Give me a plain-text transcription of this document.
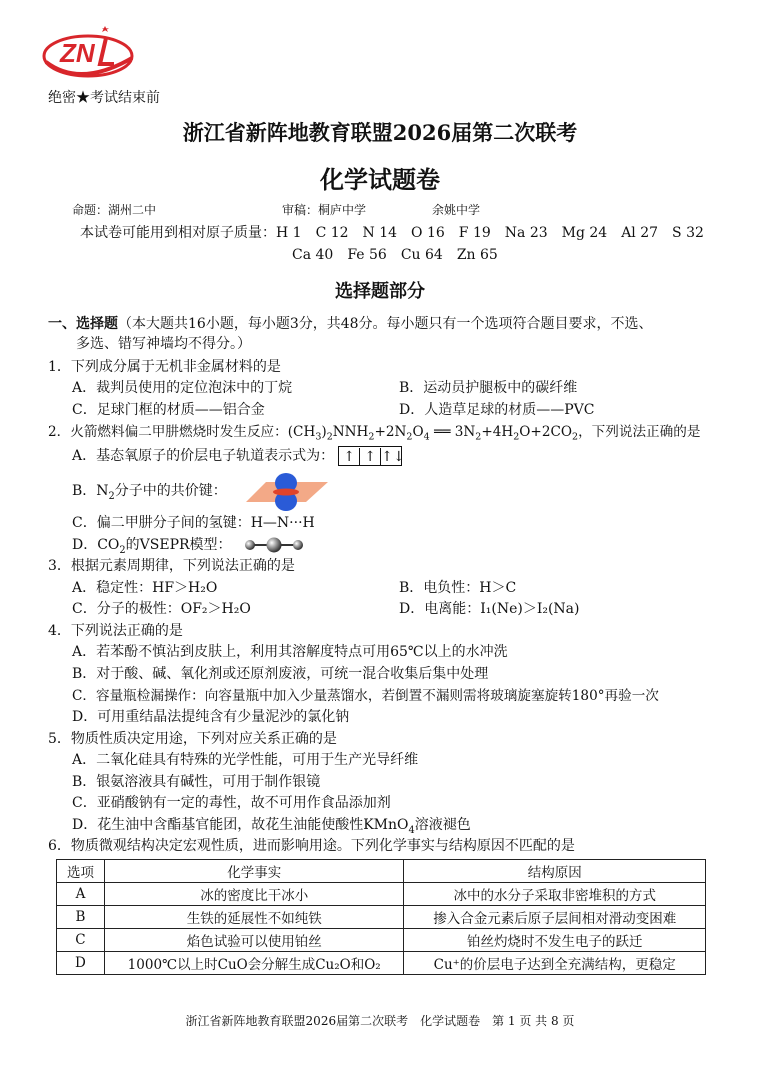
ZN
绝密★考试结束前
浙江省新阵地教育联盟2026届第二次联考
化学试题卷
命题：湖州二中	审稿：桐庐中学	余姚中学
本试卷可能用到相对原子质量：H 1　C 12　N 14　O 16　F 19　Na 23　Mg 24　Al 27　S 32
Ca 40　Fe 56　Cu 64　Zn 65
选择题部分
一、选择题（本大题共16小题，每小题3分，共48分。每小题只有一个选项符合题目要求，不选、
多选、错写神墙均不得分。）
1．下列成分属于无机非金属材料的是
A．裁判员使用的定位泡沫中的丁烷	B．运动员护腿板中的碳纤维
C．足球门框的材质——铝合金	D．人造草足球的材质——PVC
2．火箭燃料偏二甲肼燃烧时发生反应：$(CH_3)_2NNH_2+2N_2O_4$ ══ $3N_2+4H_2O+2CO_2$，下列说法正确的是
A．基态氧原子的价层电子轨道表示式为： ↑ ↑ ↑↓
B．$N_2$分子中的共价键：
C．偏二甲肼分子间的氢键：H—N···H
D．$CO_2$的VSEPR模型：
3．根据元素周期律，下列说法正确的是
A．稳定性：HF＞H₂O	B．电负性：H＞C
C．分子的极性：OF₂＞H₂O	D．电离能：I₁(Ne)＞I₂(Na)
4．下列说法正确的是
A．若苯酚不慎沾到皮肤上，利用其溶解度特点可用65℃以上的水冲洗
B．对于酸、碱、氧化剂或还原剂废液，可统一混合收集后集中处理
C．容量瓶检漏操作：向容量瓶中加入少量蒸馏水，若倒置不漏则需将玻璃旋塞旋转180°再验一次
D．可用重结晶法提纯含有少量泥沙的氯化钠
5．物质性质决定用途，下列对应关系正确的是
A．二氧化硅具有特殊的光学性能，可用于生产光导纤维
B．银氨溶液具有碱性，可用于制作银镜
C．亚硝酸钠有一定的毒性，故不可用作食品添加剂
D．花生油中含酯基官能团，故花生油能使酸性KMnO$_4$溶液褪色
6．物质微观结构决定宏观性质，进而影响用途。下列化学事实与结构原因不匹配的是
选项	化学事实	结构原因
A	冰的密度比干冰小	冰中的水分子采取非密堆积的方式
B	生铁的延展性不如纯铁	掺入合金元素后原子层间相对滑动变困难
C	焰色试验可以使用铂丝	铂丝灼烧时不发生电子的跃迁
D	1000℃以上时CuO会分解生成Cu₂O和O₂	Cu⁺的价层电子达到全充满结构，更稳定
浙江省新阵地教育联盟2026届第二次联考　化学试题卷　第 1 页 共 8 页
